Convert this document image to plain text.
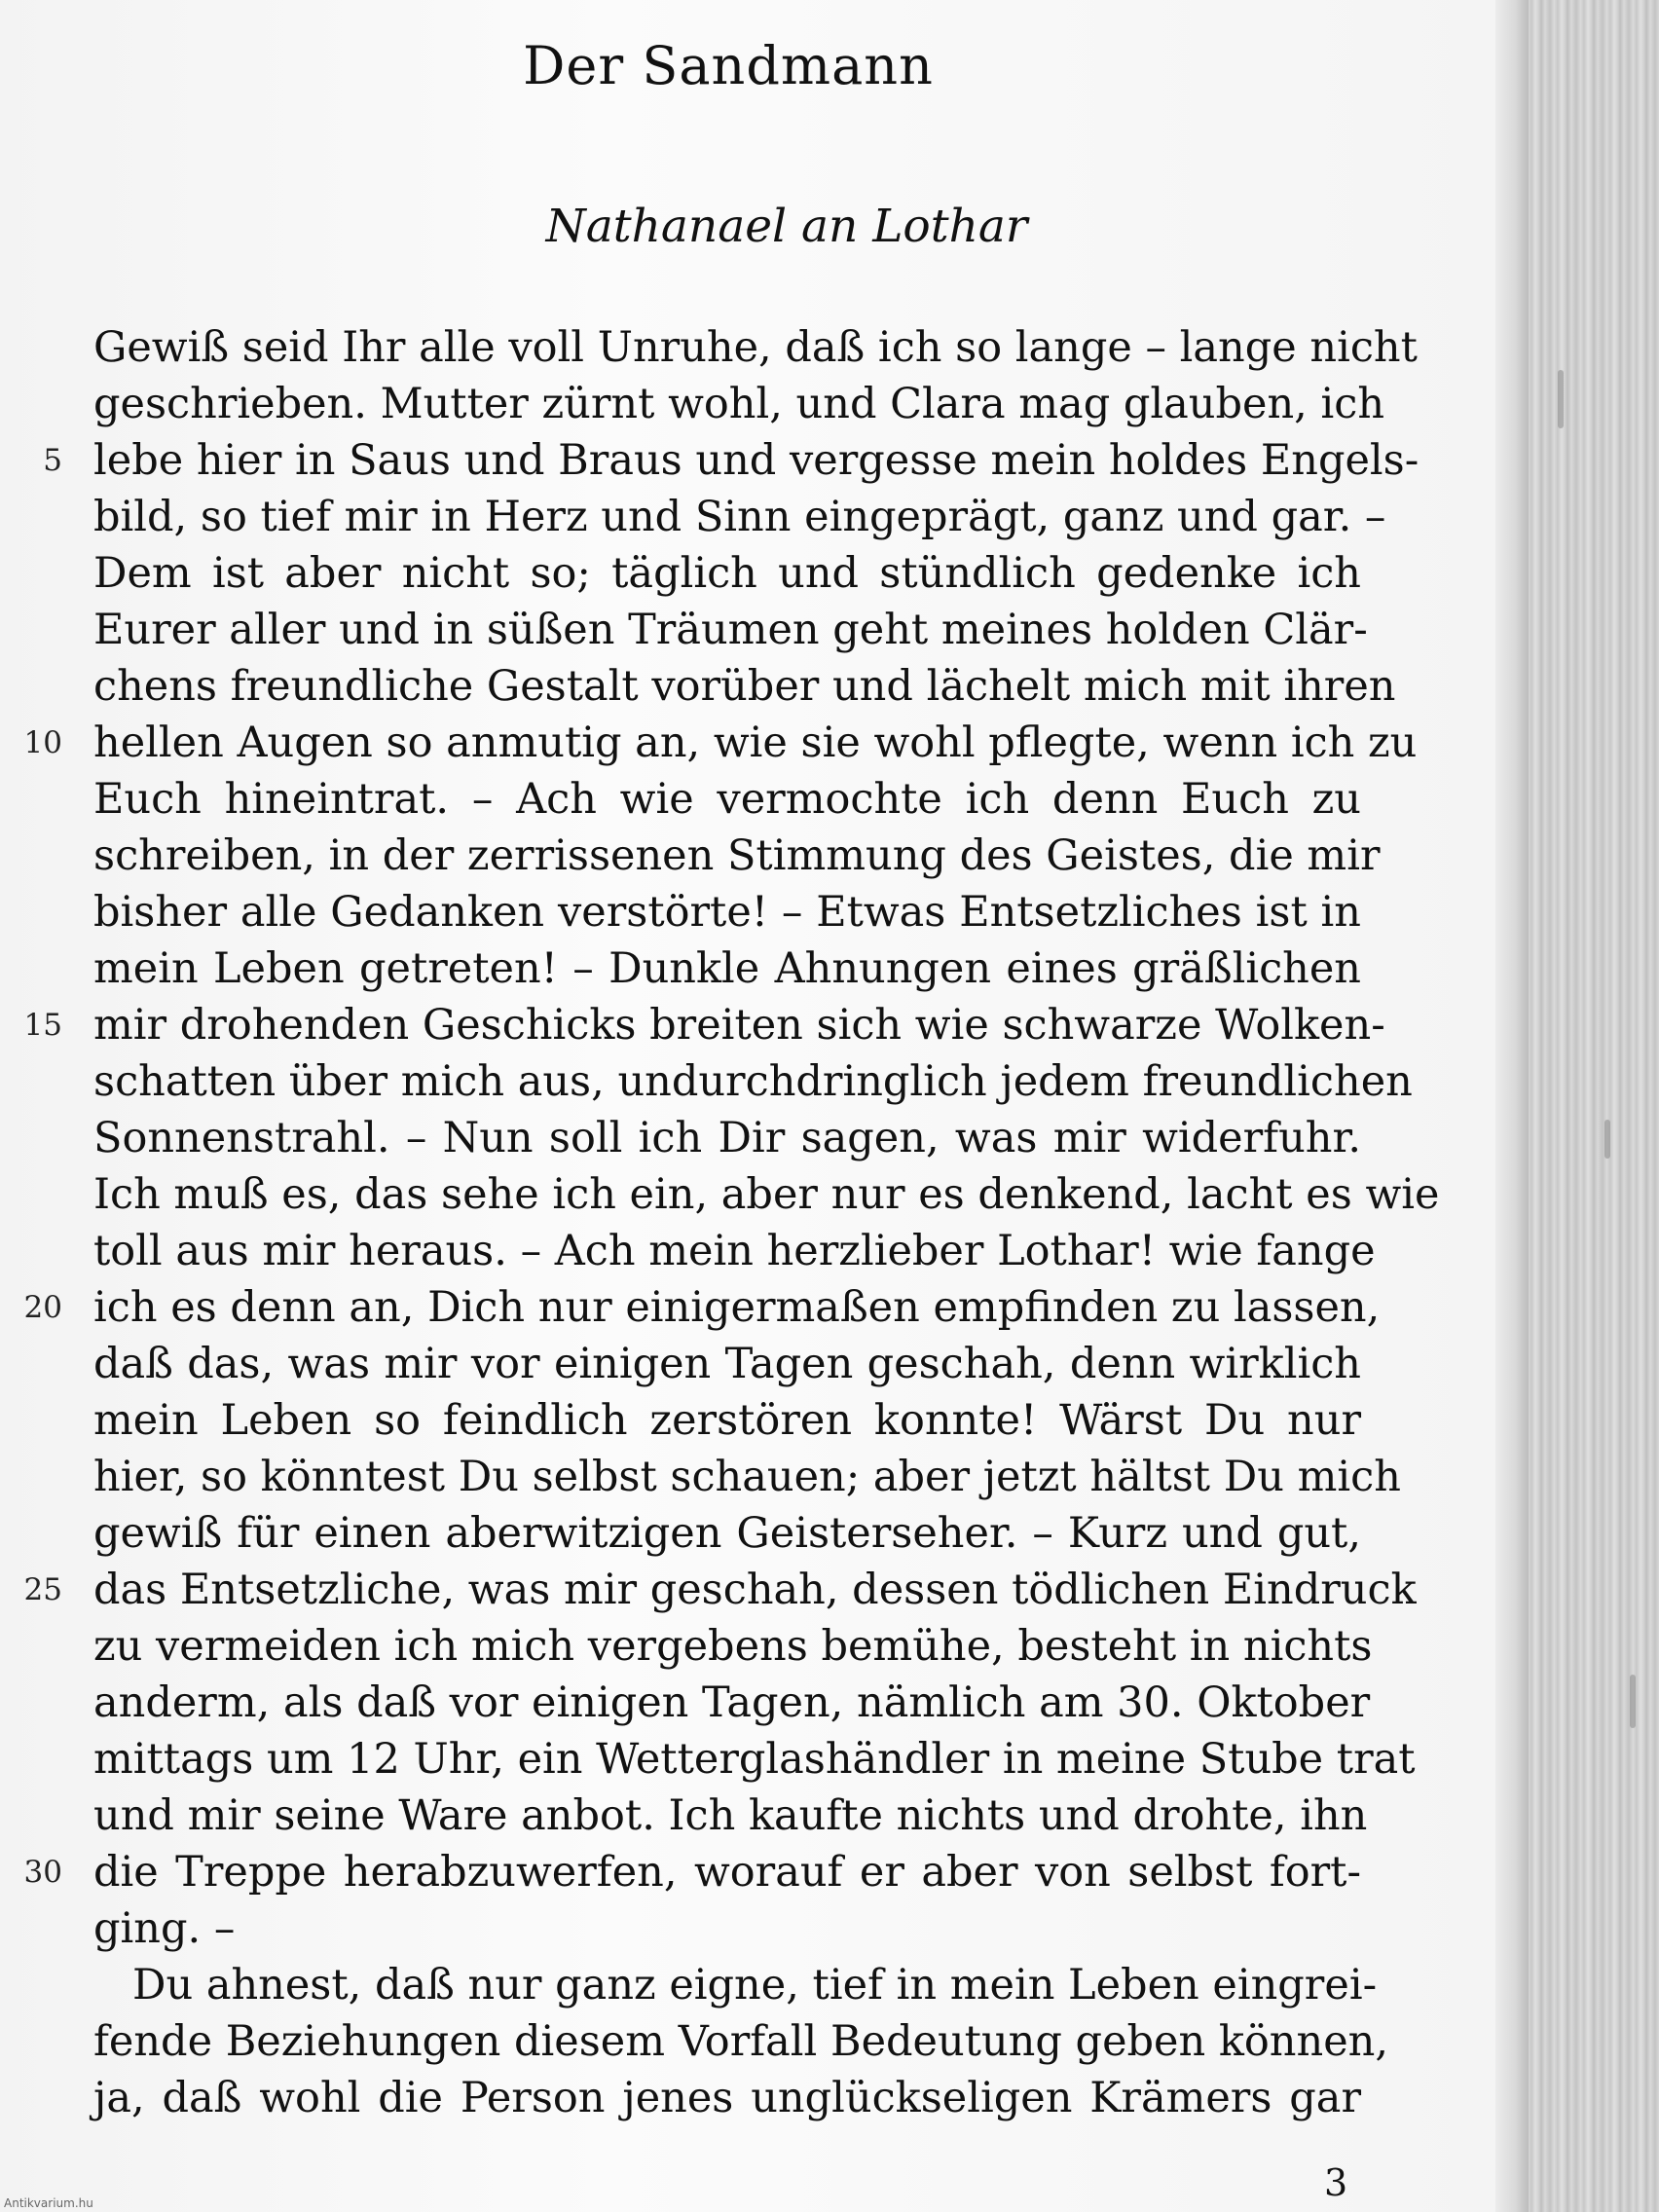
Der Sandmann
Nathanael an Lothar
Gewiß seid Ihr alle voll Unruhe, daß ich so lange – lange nicht
geschrieben. Mutter zürnt wohl, und Clara mag glauben, ich
lebe hier in Saus und Braus und vergesse mein holdes Engels-
bild, so tief mir in Herz und Sinn eingeprägt, ganz und gar. –
Dem ist aber nicht so; täglich und stündlich gedenke ich
Eurer aller und in süßen Träumen geht meines holden Clär-
chens freundliche Gestalt vorüber und lächelt mich mit ihren
hellen Augen so anmutig an, wie sie wohl pflegte, wenn ich zu
Euch hineintrat. – Ach wie vermochte ich denn Euch zu
schreiben, in der zerrissenen Stimmung des Geistes, die mir
bisher alle Gedanken verstörte! – Etwas Entsetzliches ist in
mein Leben getreten! – Dunkle Ahnungen eines gräßlichen
mir drohenden Geschicks breiten sich wie schwarze Wolken-
schatten über mich aus, undurchdringlich jedem freundlichen
Sonnenstrahl. – Nun soll ich Dir sagen, was mir widerfuhr.
Ich muß es, das sehe ich ein, aber nur es denkend, lacht es wie
toll aus mir heraus. – Ach mein herzlieber Lothar! wie fange
ich es denn an, Dich nur einigermaßen empfinden zu lassen,
daß das, was mir vor einigen Tagen geschah, denn wirklich
mein Leben so feindlich zerstören konnte! Wärst Du nur
hier, so könntest Du selbst schauen; aber jetzt hältst Du mich
gewiß für einen aberwitzigen Geisterseher. – Kurz und gut,
das Entsetzliche, was mir geschah, dessen tödlichen Eindruck
zu vermeiden ich mich vergebens bemühe, besteht in nichts
anderm, als daß vor einigen Tagen, nämlich am 30. Oktober
mittags um 12 Uhr, ein Wetterglashändler in meine Stube trat
und mir seine Ware anbot. Ich kaufte nichts und drohte, ihn
die Treppe herabzuwerfen, worauf er aber von selbst fort-
ging. –
Du ahnest, daß nur ganz eigne, tief in mein Leben eingrei-
fende Beziehungen diesem Vorfall Bedeutung geben können,
ja, daß wohl die Person jenes unglückseligen Krämers gar
5
10
15
20
25
30
3
Antikvarium.hu
